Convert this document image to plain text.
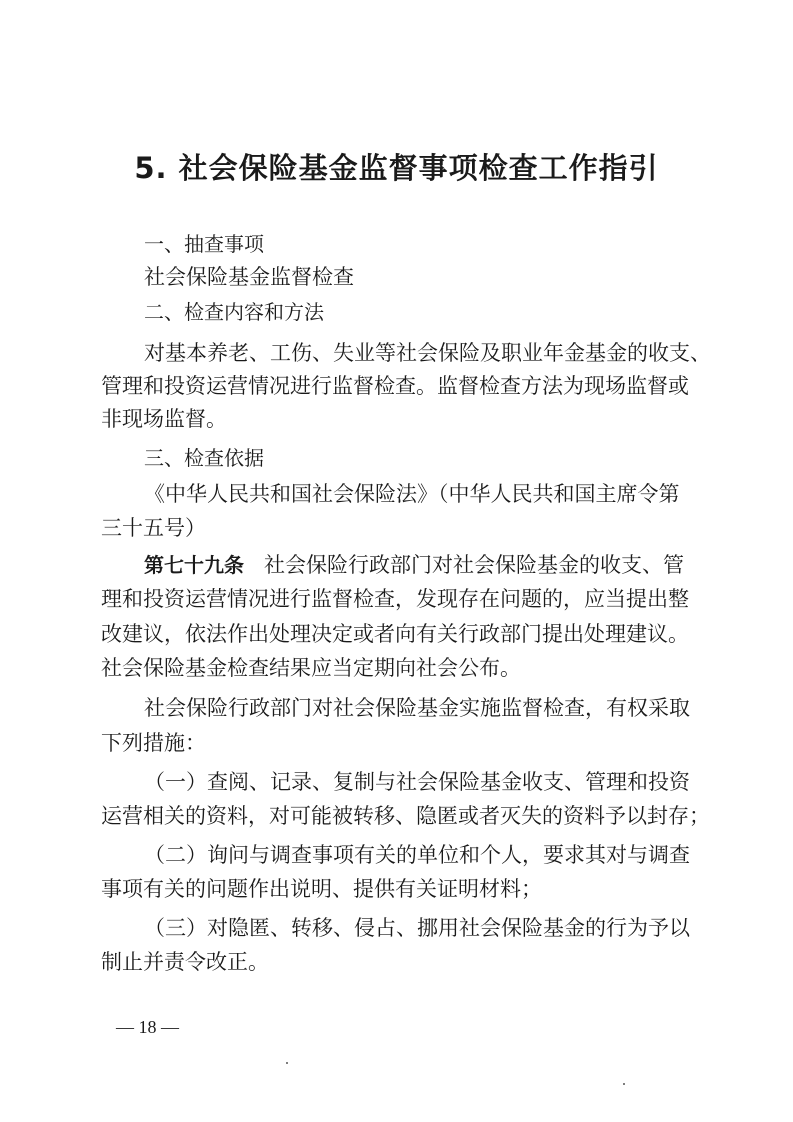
5. 社会保险基金监督事项检查工作指引

一、抽查事项

社会保险基金监督检查

二、检查内容和方法

对基本养老、工伤、失业等社会保险及职业年金基金的收支、

管理和投资运营情况进行监督检查。监督检查方法为现场监督或

非现场监督。

三、检查依据

《中华人民共和国社会保险法》（中华人民共和国主席令第

三十五号）

第七十九条 社会保险行政部门对社会保险基金的收支、管

理和投资运营情况进行监督检查，发现存在问题的，应当提出整

改建议，依法作出处理决定或者向有关行政部门提出处理建议。

社会保险基金检查结果应当定期向社会公布。

社会保险行政部门对社会保险基金实施监督检查，有权采取

下列措施：

（一）查阅、记录、复制与社会保险基金收支、管理和投资

运营相关的资料，对可能被转移、隐匿或者灭失的资料予以封存；

（二）询问与调查事项有关的单位和个人，要求其对与调查

事项有关的问题作出说明、提供有关证明材料；

（三）对隐匿、转移、侵占、挪用社会保险基金的行为予以

制止并责令改正。

— 18 —
